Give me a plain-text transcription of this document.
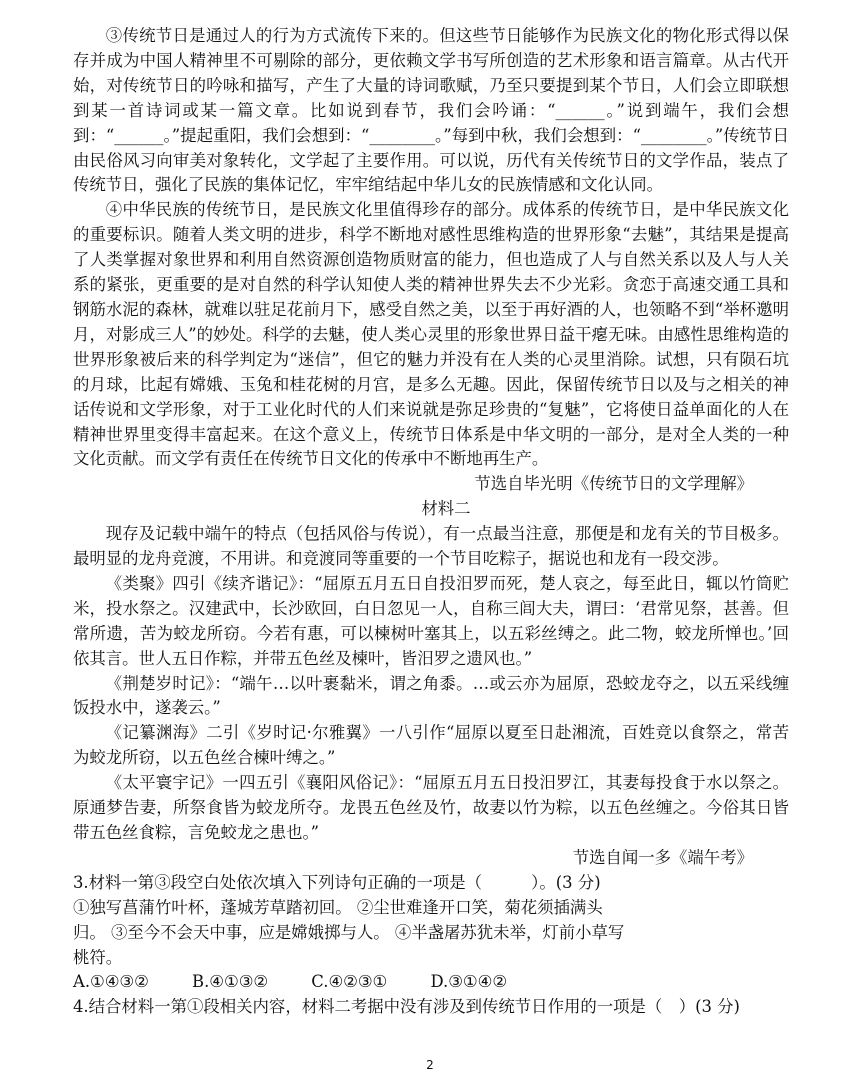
③传统节日是通过人的行为方式流传下来的。但这些节日能够作为民族文化的物化形式得以保存并成为中国人精神里不可剔除的部分，更依赖文学书写所创造的艺术形象和语言篇章。从古代开始，对传统节日的吟咏和描写，产生了大量的诗词歌赋，乃至只要提到某个节日，人们会立即联想到某一首诗词或某一篇文章。比如说到春节，我们会吟诵：“______。”说到端午，我们会想到：“______。”提起重阳，我们会想到：“________。”每到中秋，我们会想到：“________。”传统节日由民俗风习向审美对象转化，文学起了主要作用。可以说，历代有关传统节日的文学作品，装点了传统节日，强化了民族的集体记忆，牢牢绾结起中华儿女的民族情感和文化认同。

④中华民族的传统节日，是民族文化里值得珍存的部分。成体系的传统节日，是中华民族文化的重要标识。随着人类文明的进步，科学不断地对感性思维构造的世界形象“去魅”，其结果是提高了人类掌握对象世界和利用自然资源创造物质财富的能力，但也造成了人与自然关系以及人与人关系的紧张，更重要的是对自然的科学认知使人类的精神世界失去不少光彩。贪恋于高速交通工具和钢筋水泥的森林，就难以驻足花前月下，感受自然之美，以至于再好酒的人，也领略不到“举杯邀明月，对影成三人”的妙处。科学的去魅，使人类心灵里的形象世界日益干瘪无味。由感性思维构造的世界形象被后来的科学判定为“迷信”，但它的魅力并没有在人类的心灵里消除。试想，只有陨石坑的月球，比起有嫦娥、玉兔和桂花树的月宫，是多么无趣。因此，保留传统节日以及与之相关的神话传说和文学形象，对于工业化时代的人们来说就是弥足珍贵的“复魅”，它将使日益单面化的人在精神世界里变得丰富起来。在这个意义上，传统节日体系是中华文明的一部分，是对全人类的一种文化贡献。而文学有责任在传统节日文化的传承中不断地再生产。

节选自毕光明《传统节日的文学理解》

材料二

现存及记载中端午的特点（包括风俗与传说），有一点最当注意，那便是和龙有关的节目极多。最明显的龙舟竞渡，不用讲。和竞渡同等重要的一个节目吃粽子，据说也和龙有一段交涉。

《类聚》四引《续齐谐记》：“屈原五月五日自投汨罗而死，楚人哀之，每至此日，辄以竹筒贮米，投水祭之。汉建武中，长沙欧回，白日忽见一人，自称三闾大夫，谓曰：‘君常见祭，甚善。但常所遗，苦为蛟龙所窃。今若有惠，可以楝树叶塞其上，以五彩丝缚之。此二物，蛟龙所惮也。’回依其言。世人五日作粽，并带五色丝及楝叶，皆汨罗之遗风也。”

《荆楚岁时记》：“端午…以叶裹黏米，谓之角黍。…或云亦为屈原，恐蛟龙夺之，以五采线缠饭投水中，遂袭云。”

《记纂渊海》二引《岁时记·尔雅翼》一八引作“屈原以夏至日赴湘流，百姓竞以食祭之，常苦为蛟龙所窃，以五色丝合楝叶缚之。”

《太平寰宇记》一四五引《襄阳风俗记》：“屈原五月五日投汨罗江，其妻每投食于水以祭之。原通梦告妻，所祭食皆为蛟龙所夺。龙畏五色丝及竹，故妻以竹为粽，以五色丝缠之。今俗其日皆带五色丝食粽，言免蛟龙之患也。”

节选自闻一多《端午考》

3.材料一第③段空白处依次填入下列诗句正确的一项是（　　　）。(3 分)

①独写菖蒲竹叶杯，蓬城芳草踏初回。 ②尘世难逢开口笑，菊花须插满头归。 ③至今不会天中事，应是嫦娥掷与人。 ④半盏屠苏犹未举，灯前小草写桃符。

A.①④③②	B.④①③②	C.④②③①	D.③①④②

4.结合材料一第①段相关内容，材料二考据中没有涉及到传统节日作用的一项是（　）(3 分)

2
